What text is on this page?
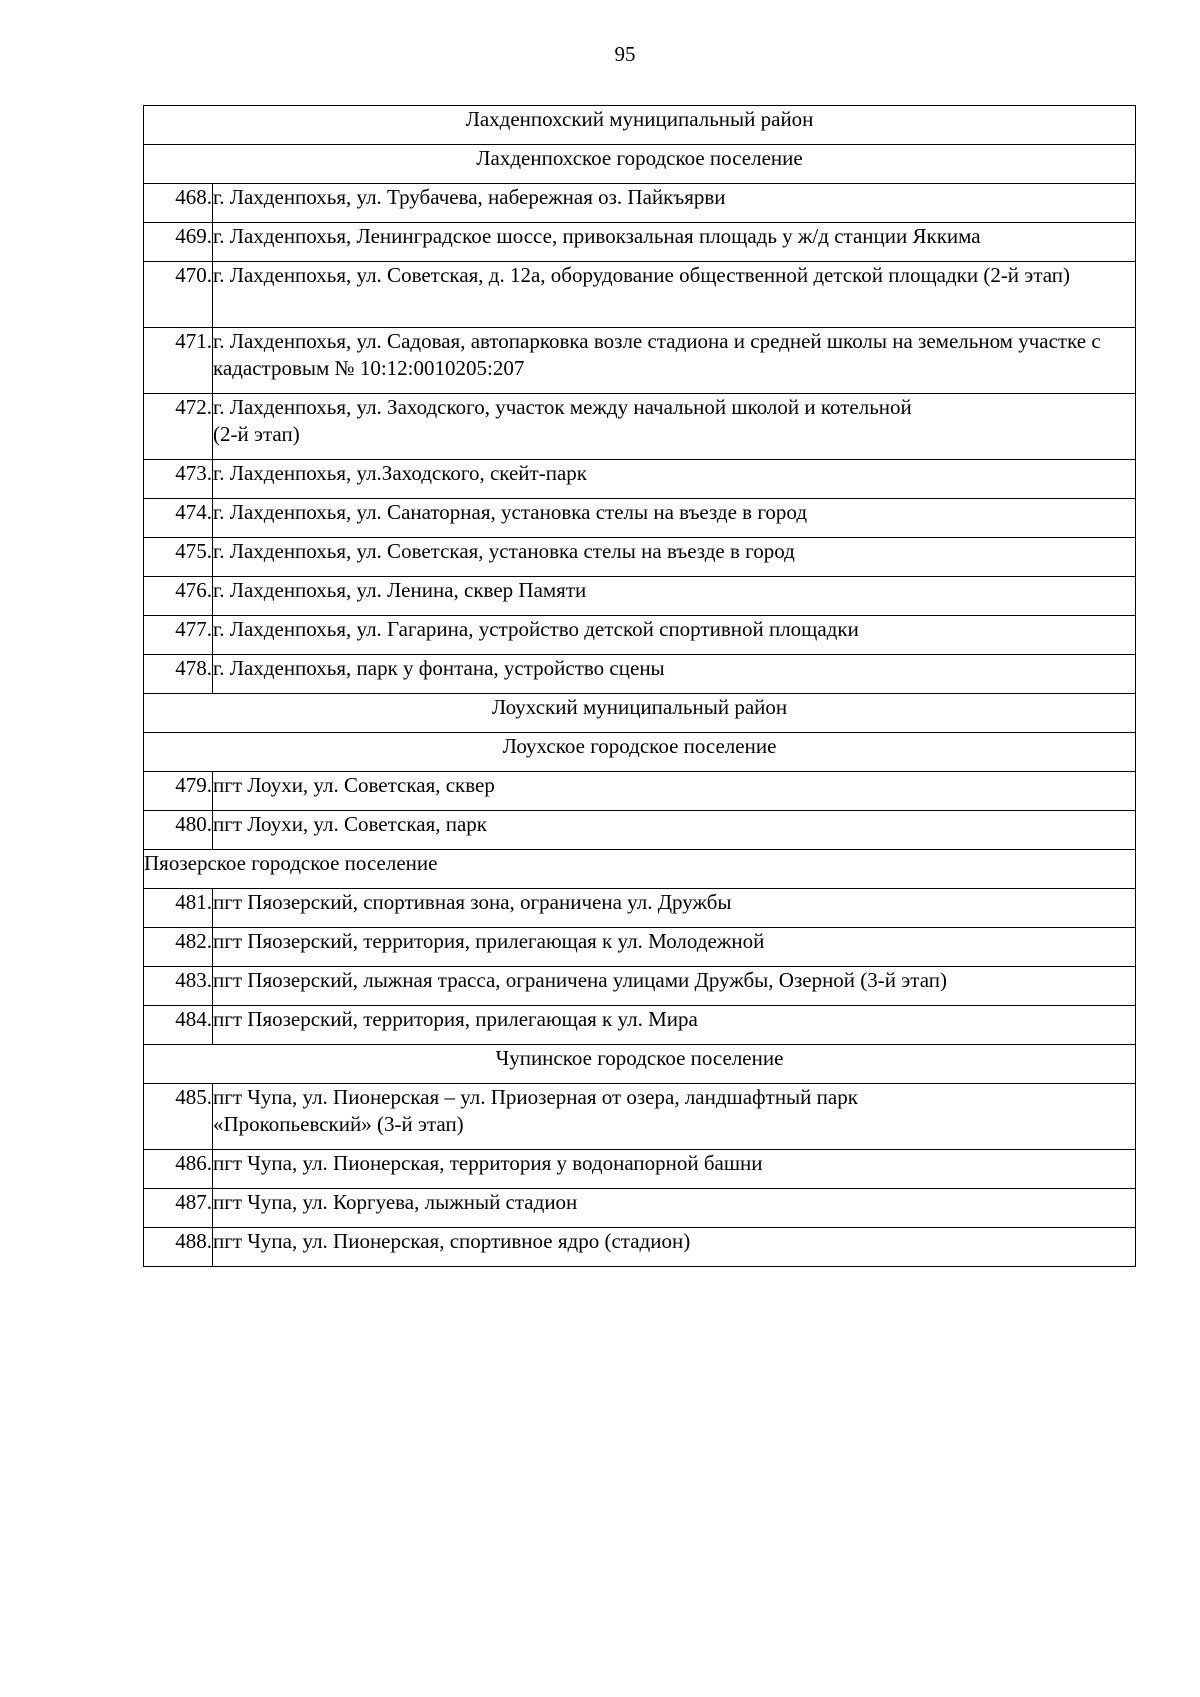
95
Лахденпохский муниципальный район	
Лахденпохское городское поселение	
468.	г. Лахденпохья, ул. Трубачева, набережная оз. Пайкъярви
469.	г. Лахденпохья, Ленинградское шоссе, привокзальная площадь у ж/д станции Яккима
470.	г. Лахденпохья, ул. Советская, д. 12а, оборудование общественной детской площадки (2-й этап)
471.	г. Лахденпохья, ул. Садовая, автопарковка возле стадиона и средней школы на земельном участке с кадастровым № 10:12:0010205:207
472.	г. Лахденпохья, ул. Заходского, участок между начальной школой и котельной
(2-й этап)
473.	г. Лахденпохья, ул.Заходского, скейт-парк
474.	г. Лахденпохья, ул. Санаторная, установка стелы на въезде в город
475.	г. Лахденпохья, ул. Советская, установка стелы на въезде в город
476.	г. Лахденпохья, ул. Ленина, сквер Памяти
477.	г. Лахденпохья, ул. Гагарина, устройство детской спортивной площадки
478.	г. Лахденпохья, парк у фонтана, устройство сцены
Лоухский муниципальный район	
Лоухское городское поселение	
479.	пгт Лоухи, ул. Советская, сквер
480.	пгт Лоухи, ул. Советская, парк
Пяозерское городское поселение	
481.	пгт Пяозерский, спортивная зона, ограничена ул. Дружбы
482.	пгт Пяозерский, территория, прилегающая к ул. Молодежной
483.	пгт Пяозерский, лыжная трасса, ограничена улицами Дружбы, Озерной (3-й этап)
484.	пгт Пяозерский, территория, прилегающая к ул. Мира
Чупинское городское поселение	
485.	пгт Чупа, ул. Пионерская – ул. Приозерная от озера, ландшафтный парк
«Прокопьевский» (3-й этап)
486.	пгт Чупа, ул. Пионерская, территория у водонапорной башни
487.	пгт Чупа, ул. Коргуева, лыжный стадион
488.	пгт Чупа, ул. Пионерская, спортивное ядро (стадион)
